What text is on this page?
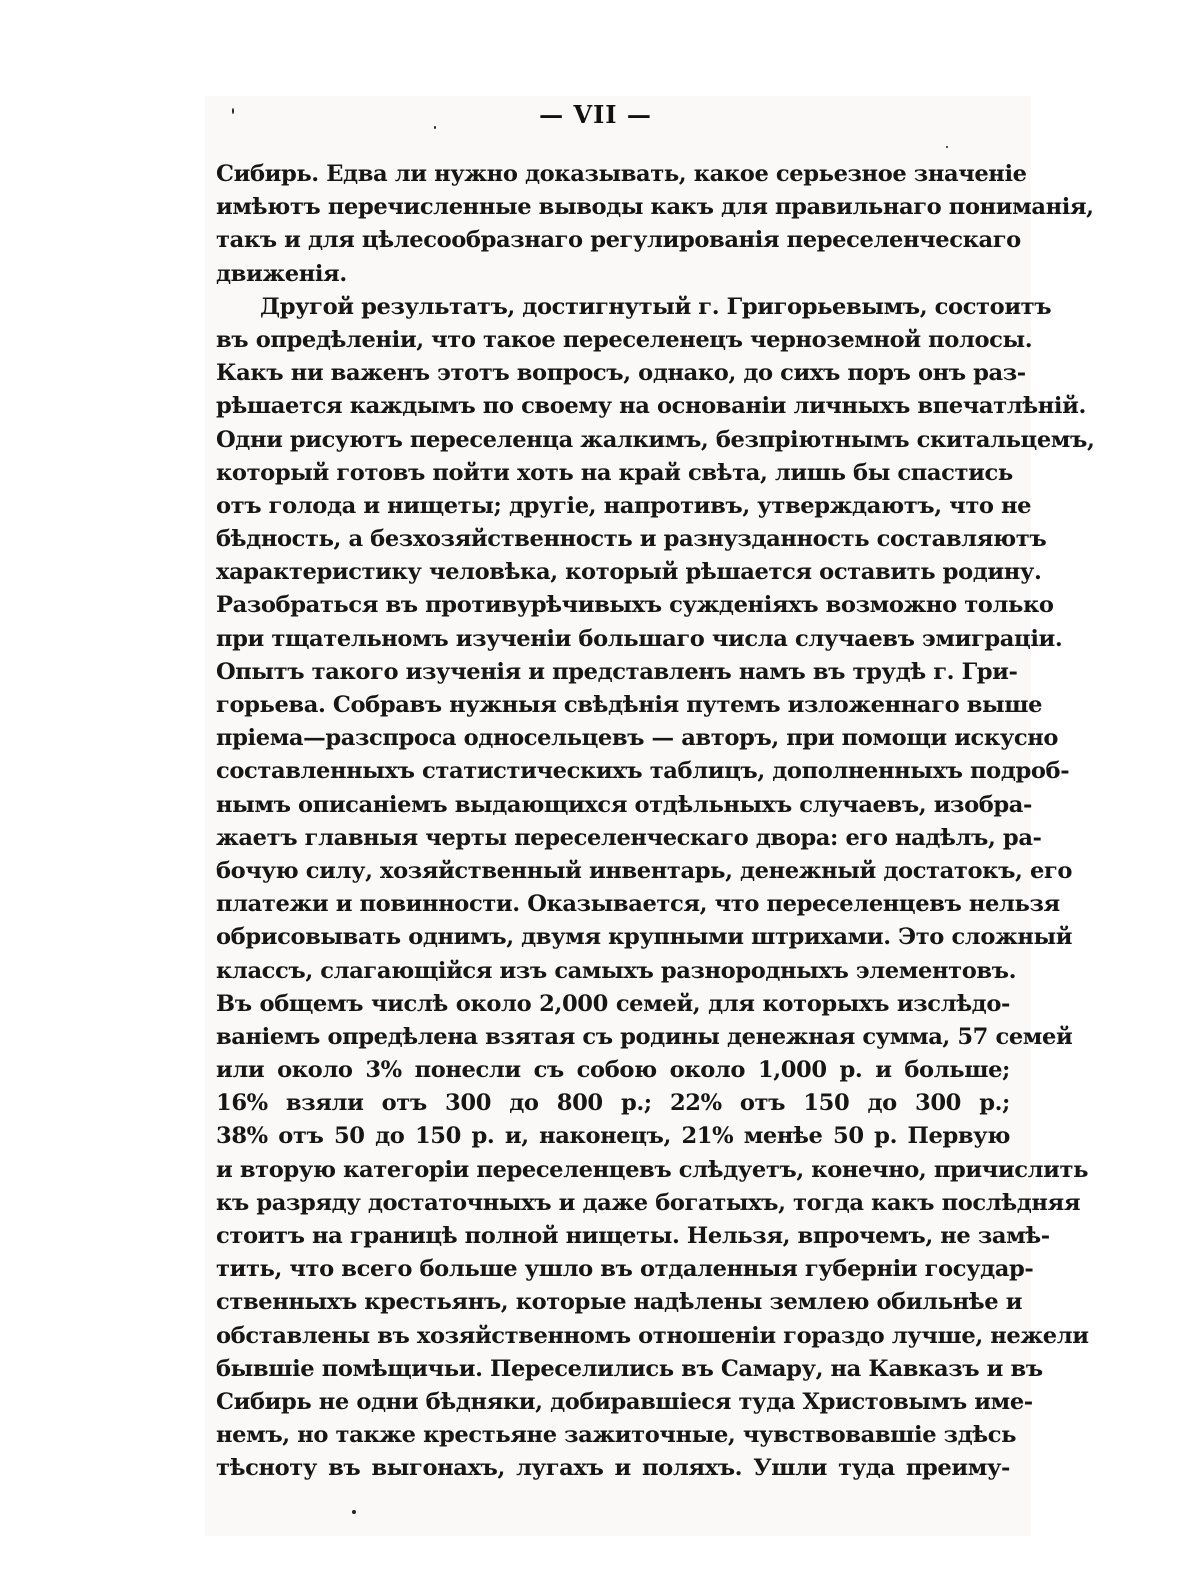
— VII —
Сибирь. Едва ли нужно доказывать, какое серьезное значенiе
имѣютъ перечисленные выводы какъ для правильнаго пониманiя,
такъ и для цѣлесообразнаго регулированiя переселенческаго
движенiя.
Другой результатъ, достигнутый г. Григорьевымъ, состоитъ
въ опредѣленiи, что такое переселенецъ черноземной полосы.
Какъ ни важенъ этотъ вопросъ, однако, до сихъ поръ онъ раз-
рѣшается каждымъ по своему на основанiи личныхъ впечатлѣнiй.
Одни рисуютъ переселенца жалкимъ, безпрiютнымъ скитальцемъ,
который готовъ пойти хоть на край свѣта, лишь бы спастись
отъ голода и нищеты; другiе, напротивъ, утверждаютъ, что не
бѣдность, а безхозяйственность и разнузданность составляютъ
характеристику человѣка, который рѣшается оставить родину.
Разобраться въ противурѣчивыхъ сужденiяхъ возможно только
при тщательномъ изученiи большаго числа случаевъ эмиграцiи.
Опытъ такого изученiя и представленъ намъ въ трудѣ г. Гри-
горьева. Собравъ нужныя свѣдѣнiя путемъ изложеннаго выше
прiема—разспроса односельцевъ — авторъ, при помощи искусно
составленныхъ статистическихъ таблицъ, дополненныхъ подроб-
нымъ описанiемъ выдающихся отдѣльныхъ случаевъ, изобра-
жаетъ главныя черты переселенческаго двора: его надѣлъ, ра-
бочую силу, хозяйственный инвентарь, денежный достатокъ, его
платежи и повинности. Оказывается, что переселенцевъ нельзя
обрисовывать однимъ, двумя крупными штрихами. Это сложный
классъ, слагающiйся изъ самыхъ разнородныхъ элементовъ.
Въ общемъ числѣ около 2,000 семей, для которыхъ изслѣдо-
ванiемъ опредѣлена взятая съ родины денежная сумма, 57 семей
или около 3% понесли съ собою около 1,000 р. и больше;
16% взяли отъ 300 до 800 р.; 22% отъ 150 до 300 р.;
38% отъ 50 до 150 р. и, наконецъ, 21% менѣе 50 р. Первую
и вторую категорiи переселенцевъ слѣдуетъ, конечно, причислить
къ разряду достаточныхъ и даже богатыхъ, тогда какъ послѣдняя
стоитъ на границѣ полной нищеты. Нельзя, впрочемъ, не замѣ-
тить, что всего больше ушло въ отдаленныя губернiи государ-
ственныхъ крестьянъ, которые надѣлены землею обильнѣе и
обставлены въ хозяйственномъ отношенiи гораздо лучше, нежели
бывшiе помѣщичьи. Переселились въ Самару, на Кавказъ и въ
Сибирь не одни бѣдняки, добиравшiеся туда Христовымъ име-
немъ, но также крестьяне зажиточные, чувствовавшiе здѣсь
тѣсноту въ выгонахъ, лугахъ и поляхъ. Ушли туда преиму-
